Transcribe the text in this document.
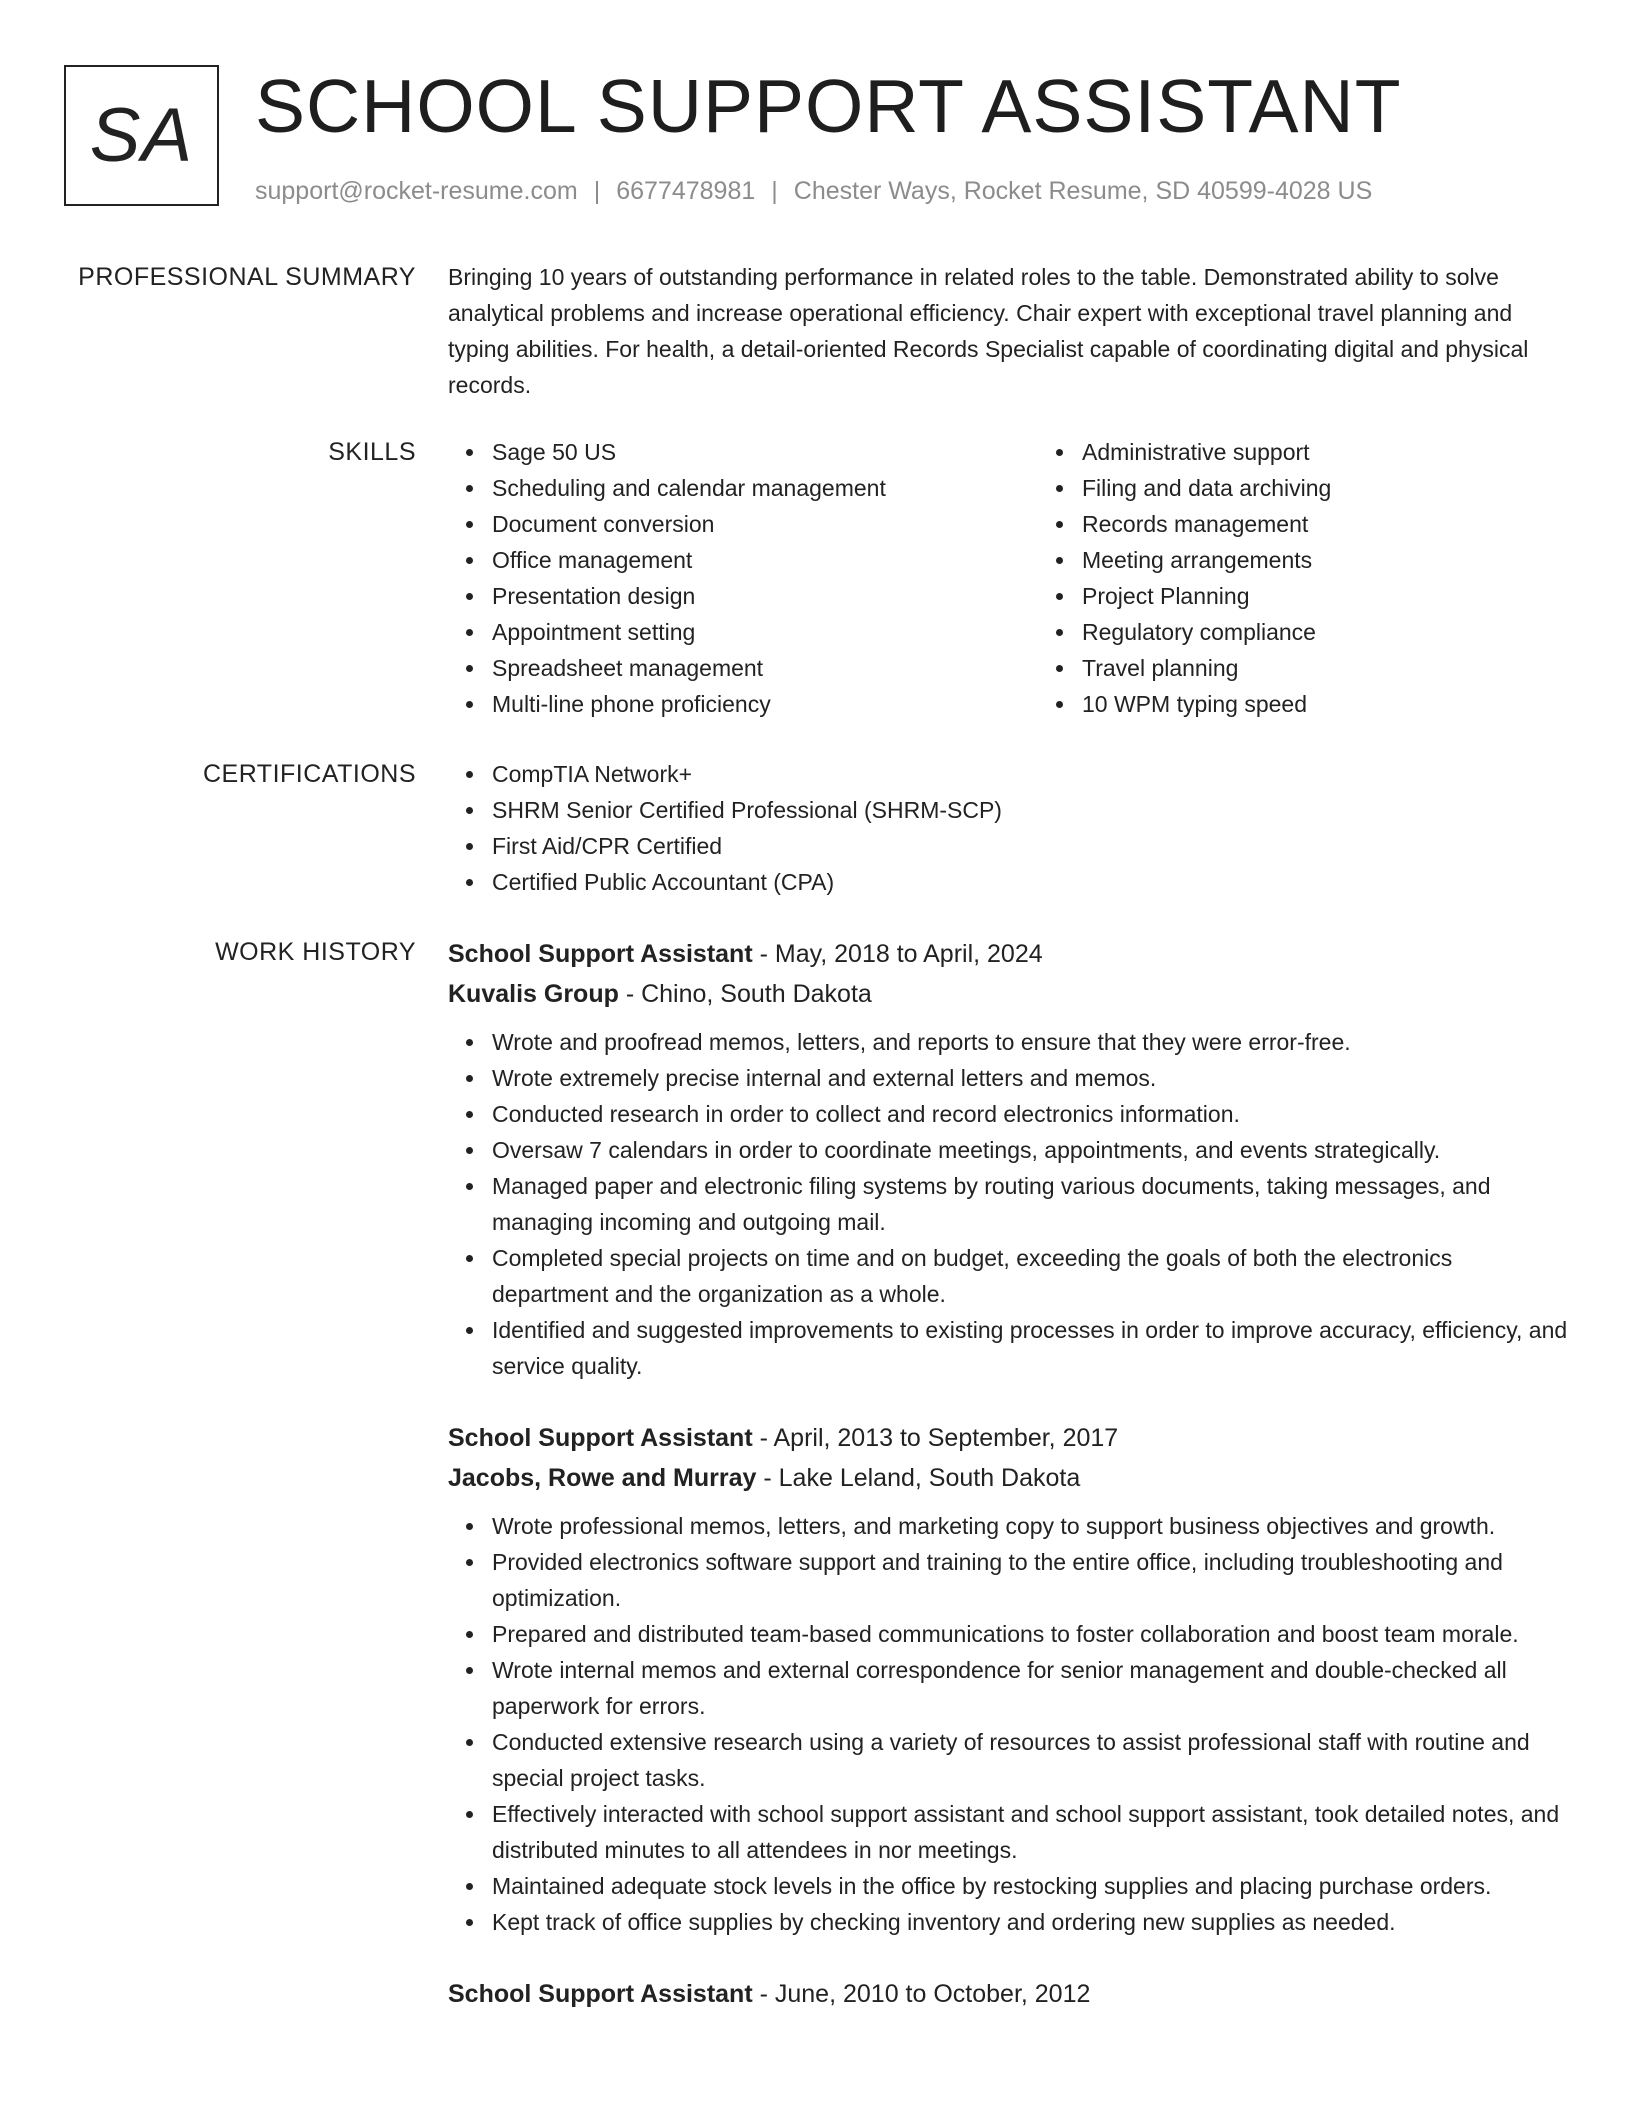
SA SCHOOL SUPPORT ASSISTANT
support@rocket-resume.com | 6677478981 | Chester Ways, Rocket Resume, SD 40599-4028 US
PROFESSIONAL SUMMARY Bringing 10 years of outstanding performance in related roles to the table. Demonstrated ability to solve analytical problems and increase operational efficiency. Chair expert with exceptional travel planning and typing abilities. For health, a detail-oriented Records Specialist capable of coordinating digital and physical records.

SKILLS	Sage 50 US
Scheduling and calendar management
Document conversion
Office management
Presentation design
Appointment setting
Spreadsheet management
Multi-line phone proficiency
Administrative support
Filing and data archiving
Records management
Meeting arrangements
Project Planning
Regulatory compliance
Travel planning
10 WPM typing speed
CERTIFICATIONS	CompTIA Network+
SHRM Senior Certified Professional (SHRM-SCP)
First Aid/CPR Certified
Certified Public Accountant (CPA)
WORK HISTORY School Support Assistant - May, 2018 to April, 2024
Kuvalis Group - Chino, South Dakota
Wrote and proofread memos, letters, and reports to ensure that they were error-free.
Wrote extremely precise internal and external letters and memos.
Conducted research in order to collect and record electronics information.
Oversaw 7 calendars in order to coordinate meetings, appointments, and events strategically.
Managed paper and electronic filing systems by routing various documents, taking messages, and managing incoming and outgoing mail.
Completed special projects on time and on budget, exceeding the goals of both the electronics department and the organization as a whole.
Identified and suggested improvements to existing processes in order to improve accuracy, efficiency, and service quality.
School Support Assistant - April, 2013 to September, 2017
Jacobs, Rowe and Murray - Lake Leland, South Dakota
Wrote professional memos, letters, and marketing copy to support business objectives and growth.
Provided electronics software support and training to the entire office, including troubleshooting and optimization.
Prepared and distributed team-based communications to foster collaboration and boost team morale.
Wrote internal memos and external correspondence for senior management and double-checked all paperwork for errors.
Conducted extensive research using a variety of resources to assist professional staff with routine and special project tasks.
Effectively interacted with school support assistant and school support assistant, took detailed notes, and distributed minutes to all attendees in nor meetings.
Maintained adequate stock levels in the office by restocking supplies and placing purchase orders.
Kept track of office supplies by checking inventory and ordering new supplies as needed.
School Support Assistant - June, 2010 to October, 2012
